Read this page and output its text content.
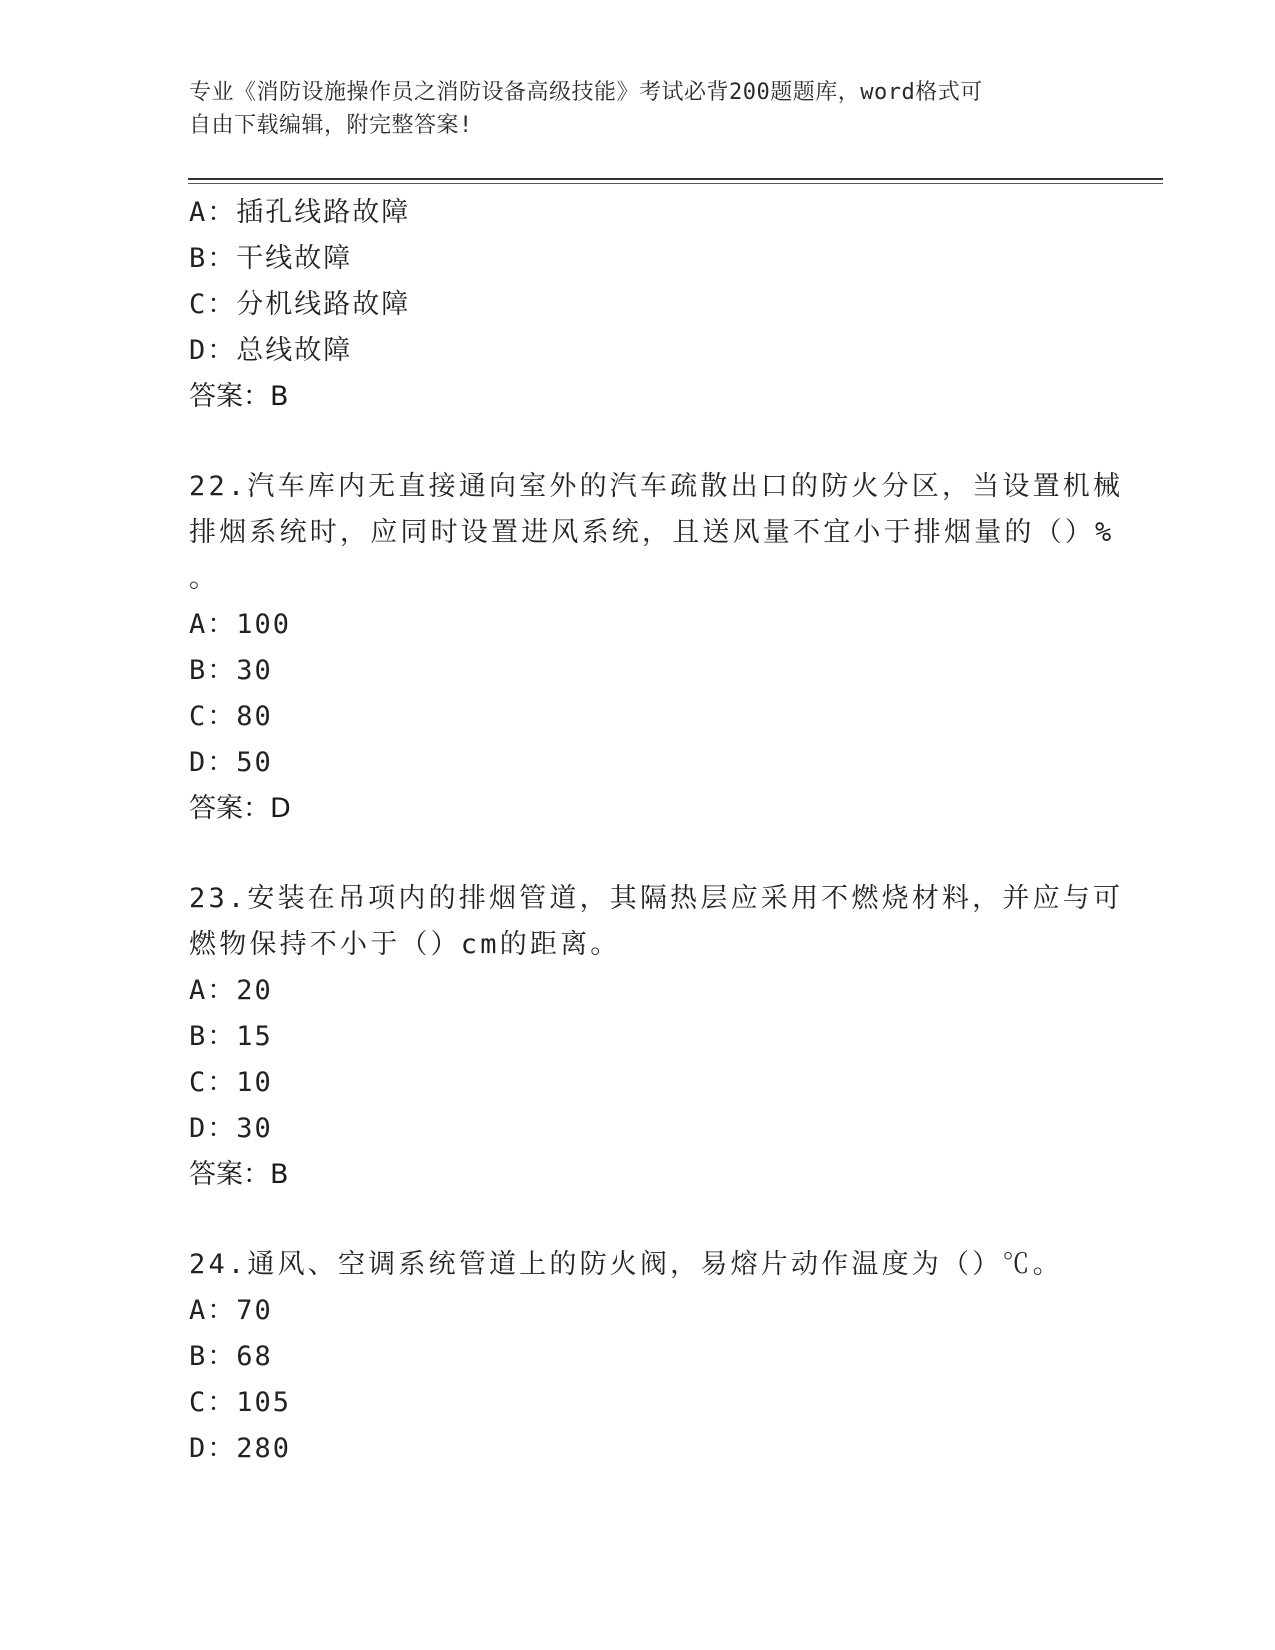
专业《消防设施操作员之消防设备高级技能》考试必背200题题库，word格式可
自由下载编辑，附完整答案!
A：插孔线路故障
B：干线故障
C：分机线路故障
D：总线故障
答案：B
22.汽车库内无直接通向室外的汽车疏散出口的防火分区，当设置机械
排烟系统时，应同时设置进风系统，且送风量不宜小于排烟量的（）%
。
A：100
B：30
C：80
D：50
答案：D
23.安装在吊项内的排烟管道，其隔热层应采用不燃烧材料，并应与可
燃物保持不小于（）cm的距离。
A：20
B：15
C：10
D：30
答案：B
24.通风、空调系统管道上的防火阀，易熔片动作温度为（）℃。
A：70
B：68
C：105
D：280
